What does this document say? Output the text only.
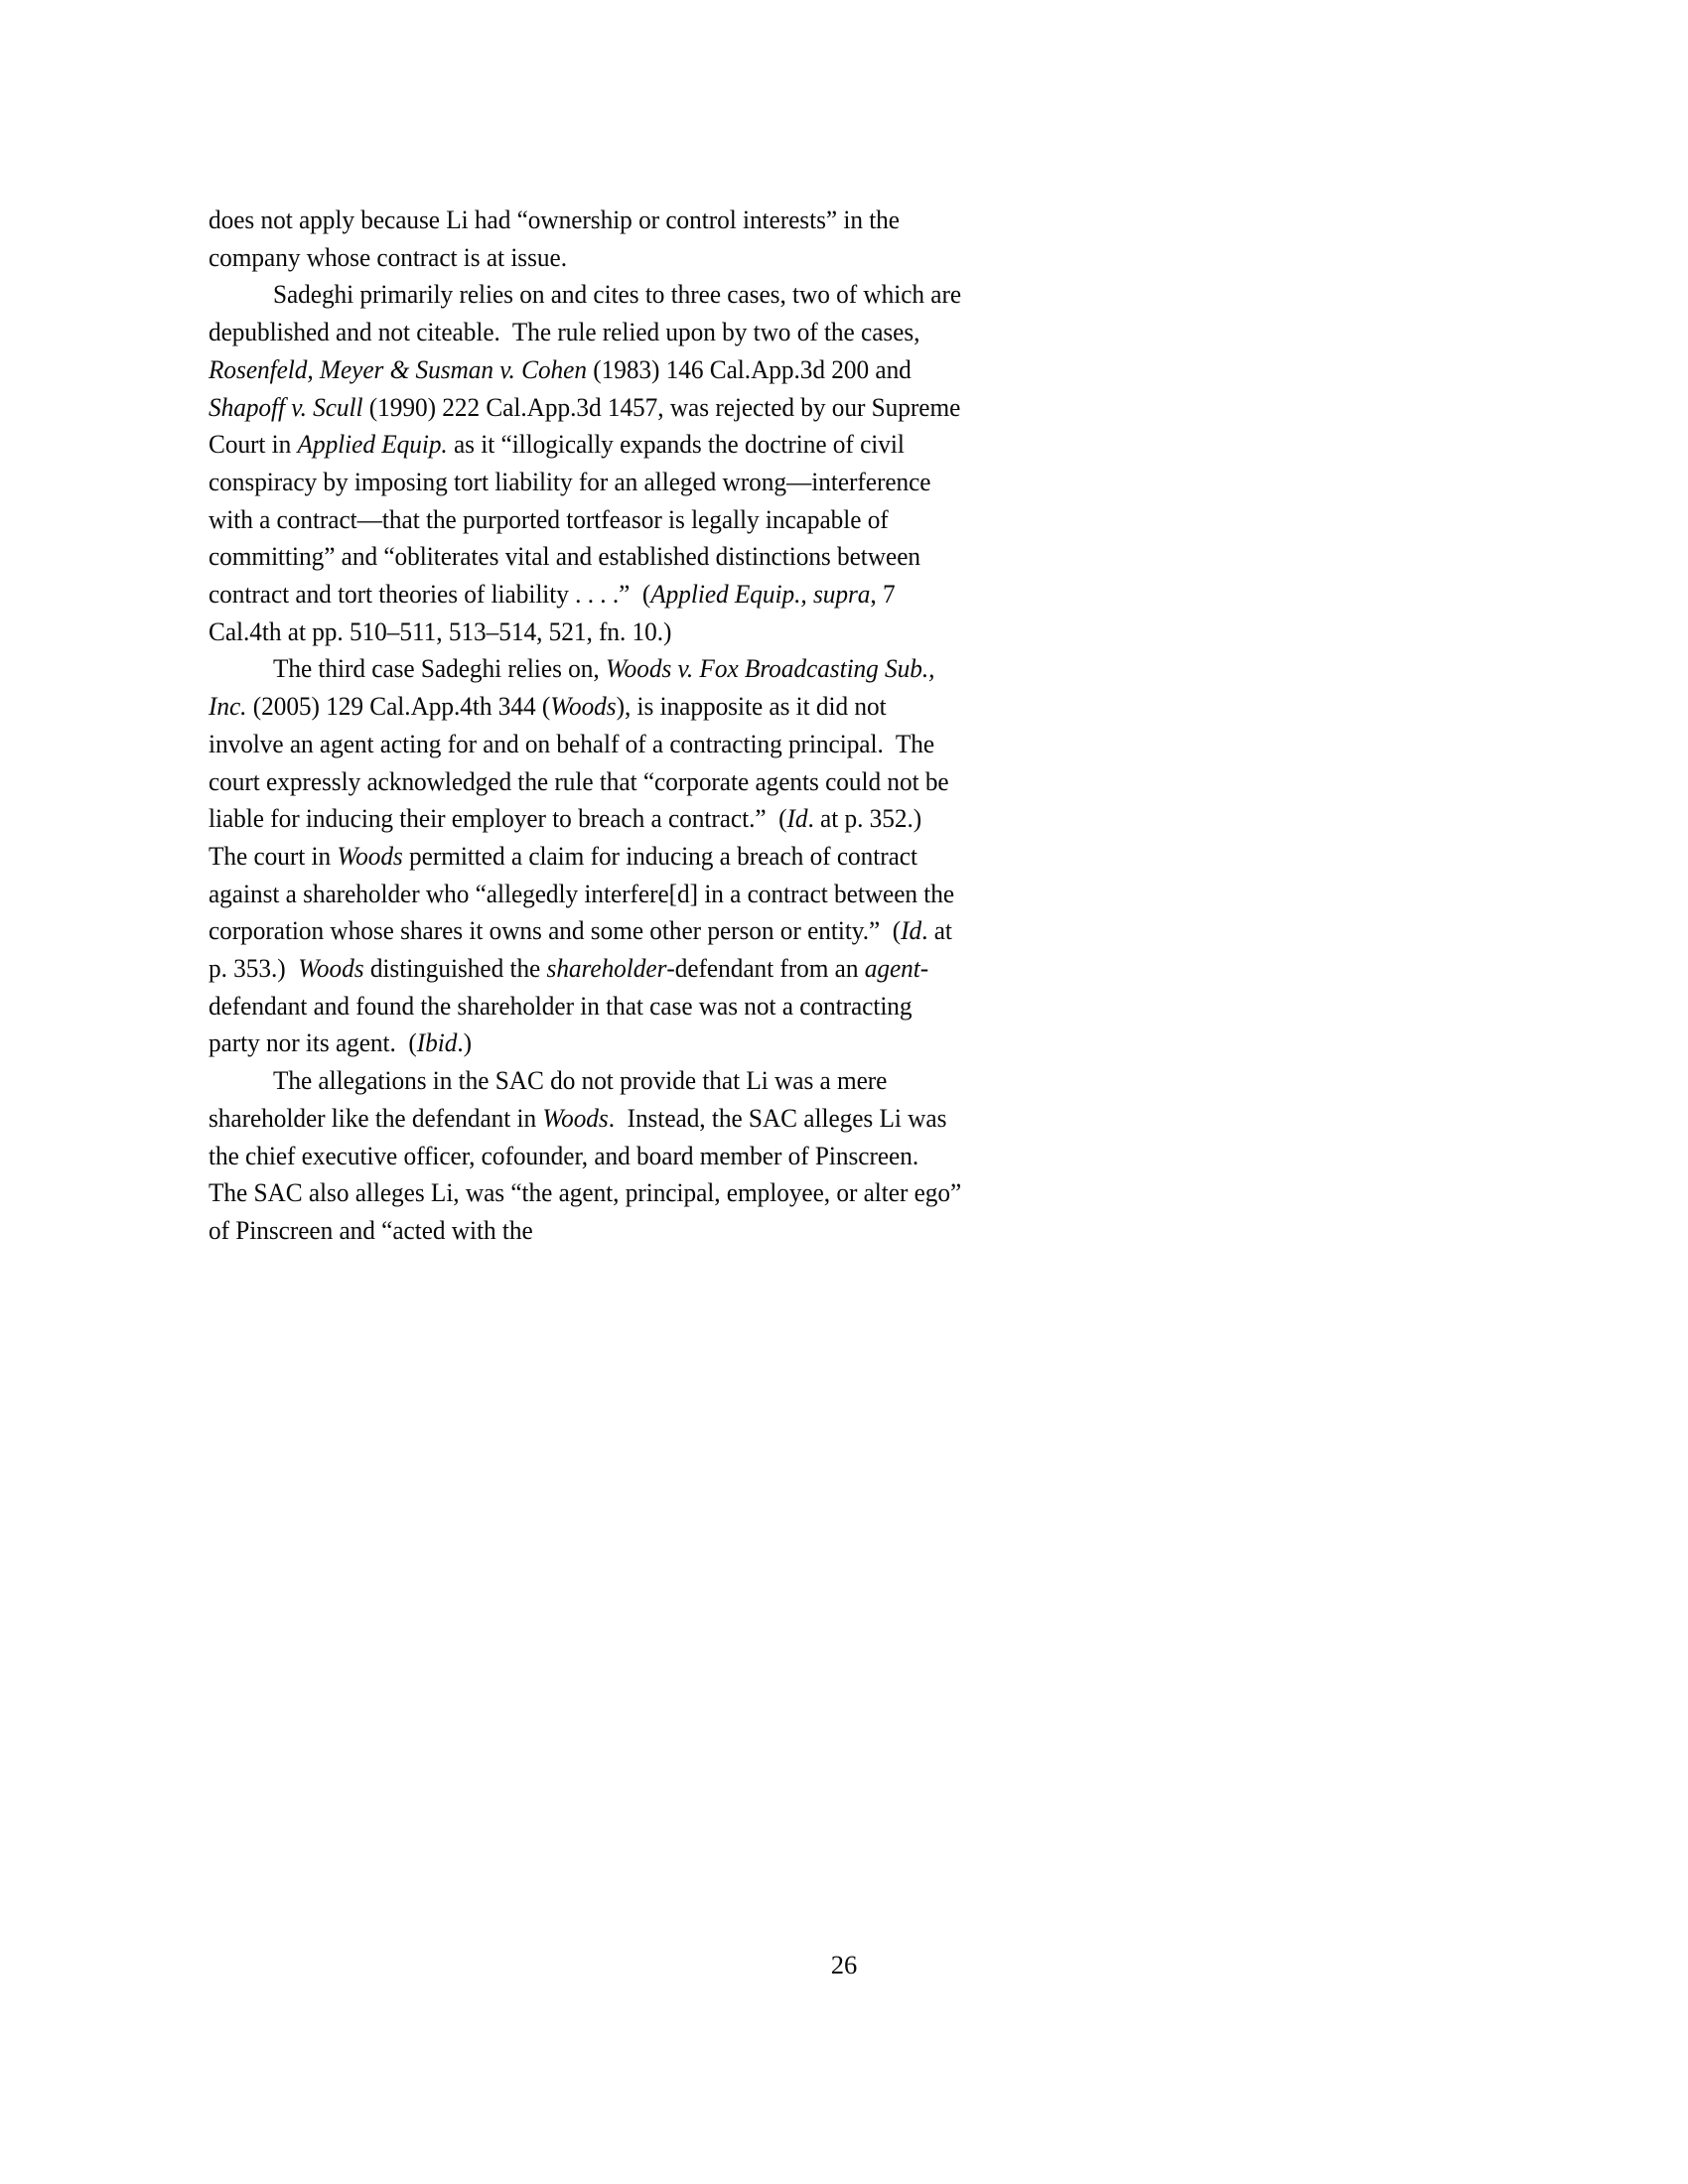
does not apply because Li had “ownership or control interests” in the company whose contract is at issue.

Sadeghi primarily relies on and cites to three cases, two of which are depublished and not citeable.  The rule relied upon by two of the cases, Rosenfeld, Meyer & Susman v. Cohen (1983) 146 Cal.App.3d 200 and Shapoff v. Scull (1990) 222 Cal.App.3d 1457, was rejected by our Supreme Court in Applied Equip. as it “illogically expands the doctrine of civil conspiracy by imposing tort liability for an alleged wrong—interference with a contract—that the purported tortfeasor is legally incapable of committing” and “obliterates vital and established distinctions between contract and tort theories of liability . . . .”  (Applied Equip., supra, 7 Cal.4th at pp. 510–511, 513–514, 521, fn. 10.)

The third case Sadeghi relies on, Woods v. Fox Broadcasting Sub., Inc. (2005) 129 Cal.App.4th 344 (Woods), is inapposite as it did not involve an agent acting for and on behalf of a contracting principal.  The court expressly acknowledged the rule that “corporate agents could not be liable for inducing their employer to breach a contract.”  (Id. at p. 352.)  The court in Woods permitted a claim for inducing a breach of contract against a shareholder who “allegedly interfere[d] in a contract between the corporation whose shares it owns and some other person or entity.”  (Id. at p. 353.)  Woods distinguished the shareholder-defendant from an agent-defendant and found the shareholder in that case was not a contracting party nor its agent.  (Ibid.)

The allegations in the SAC do not provide that Li was a mere shareholder like the defendant in Woods.  Instead, the SAC alleges Li was the chief executive officer, cofounder, and board member of Pinscreen.  The SAC also alleges Li, was “the agent, principal, employee, or alter ego” of Pinscreen and “acted with the

26
